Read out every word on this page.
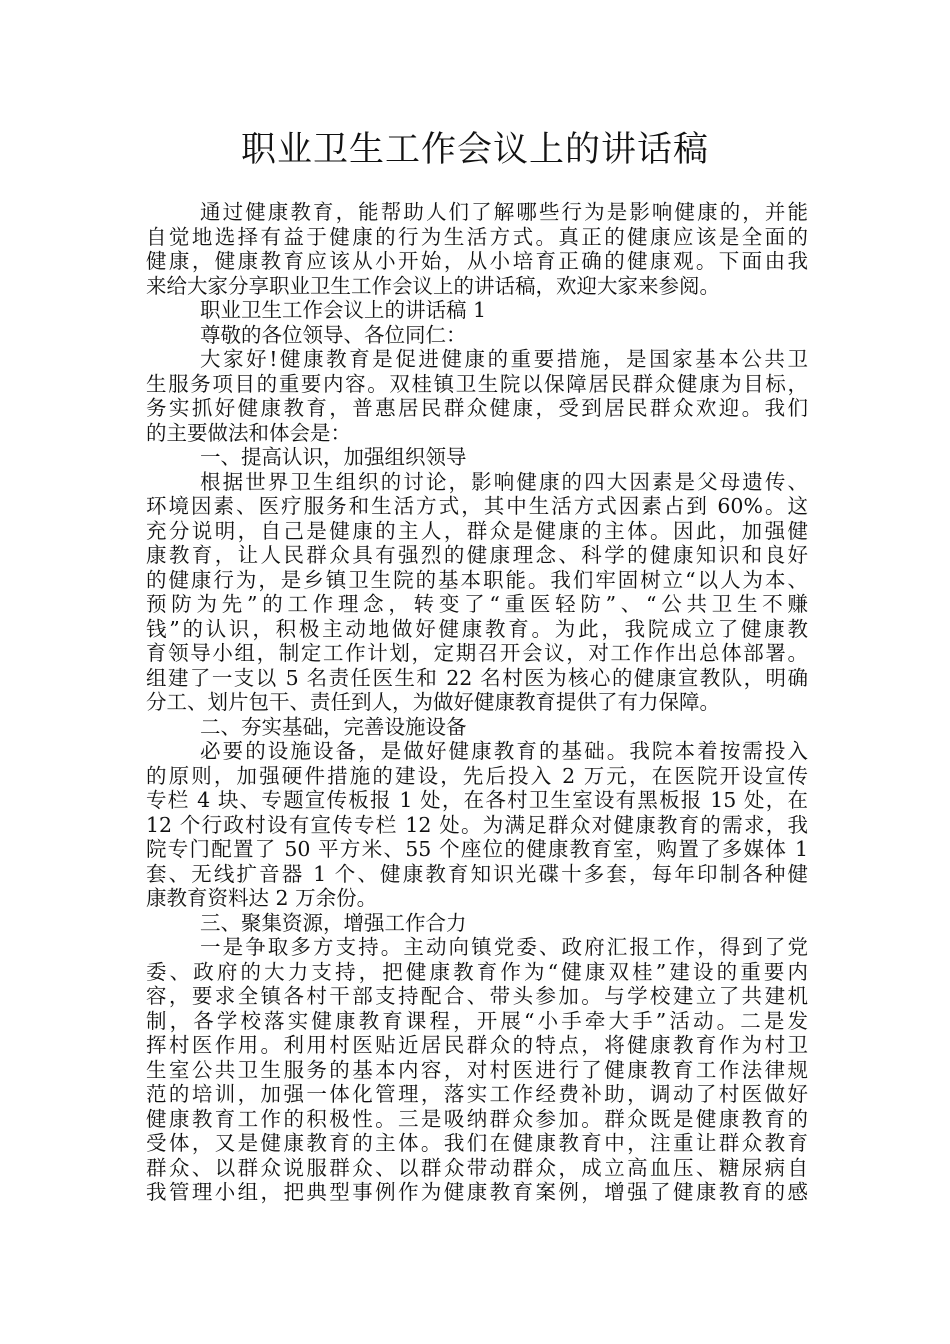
职业卫生工作会议上的讲话稿
通过健康教育，能帮助人们了解哪些行为是影响健康的，并能
自觉地选择有益于健康的行为生活方式。真正的健康应该是全面的
健康，健康教育应该从小开始，从小培育正确的健康观。下面由我
来给大家分享职业卫生工作会议上的讲话稿，欢迎大家来参阅。
职业卫生工作会议上的讲话稿 1
尊敬的各位领导、各位同仁：
大家好!健康教育是促进健康的重要措施，是国家基本公共卫
生服务项目的重要内容。双桂镇卫生院以保障居民群众健康为目标，
务实抓好健康教育，普惠居民群众健康，受到居民群众欢迎。我们
的主要做法和体会是：
一、提高认识，加强组织领导
根据世界卫生组织的讨论，影响健康的四大因素是父母遗传、
环境因素、医疗服务和生活方式，其中生活方式因素占到 60%。这
充分说明，自己是健康的主人，群众是健康的主体。因此，加强健
康教育，让人民群众具有强烈的健康理念、科学的健康知识和良好
的健康行为，是乡镇卫生院的基本职能。我们牢固树立“以人为本、
预防为先”的工作理念，转变了“重医轻防”、“公共卫生不赚
钱”的认识，积极主动地做好健康教育。为此，我院成立了健康教
育领导小组，制定工作计划，定期召开会议，对工作作出总体部署。
组建了一支以 5 名责任医生和 22 名村医为核心的健康宣教队，明确
分工、划片包干、责任到人，为做好健康教育提供了有力保障。
二、夯实基础，完善设施设备
必要的设施设备，是做好健康教育的基础。我院本着按需投入
的原则，加强硬件措施的建设，先后投入 2 万元，在医院开设宣传
专栏 4 块、专题宣传板报 1 处，在各村卫生室设有黑板报 15 处，在
12 个行政村设有宣传专栏 12 处。为满足群众对健康教育的需求，我
院专门配置了 50 平方米、55 个座位的健康教育室，购置了多媒体 1
套、无线扩音器 1 个、健康教育知识光碟十多套，每年印制各种健
康教育资料达 2 万余份。
三、聚集资源，增强工作合力
一是争取多方支持。主动向镇党委、政府汇报工作，得到了党
委、政府的大力支持，把健康教育作为“健康双桂”建设的重要内
容，要求全镇各村干部支持配合、带头参加。与学校建立了共建机
制，各学校落实健康教育课程，开展“小手牵大手”活动。二是发
挥村医作用。利用村医贴近居民群众的特点，将健康教育作为村卫
生室公共卫生服务的基本内容，对村医进行了健康教育工作法律规
范的培训，加强一体化管理，落实工作经费补助，调动了村医做好
健康教育工作的积极性。三是吸纳群众参加。群众既是健康教育的
受体，又是健康教育的主体。我们在健康教育中，注重让群众教育
群众、以群众说服群众、以群众带动群众，成立高血压、糖尿病自
我管理小组，把典型事例作为健康教育案例，增强了健康教育的感
